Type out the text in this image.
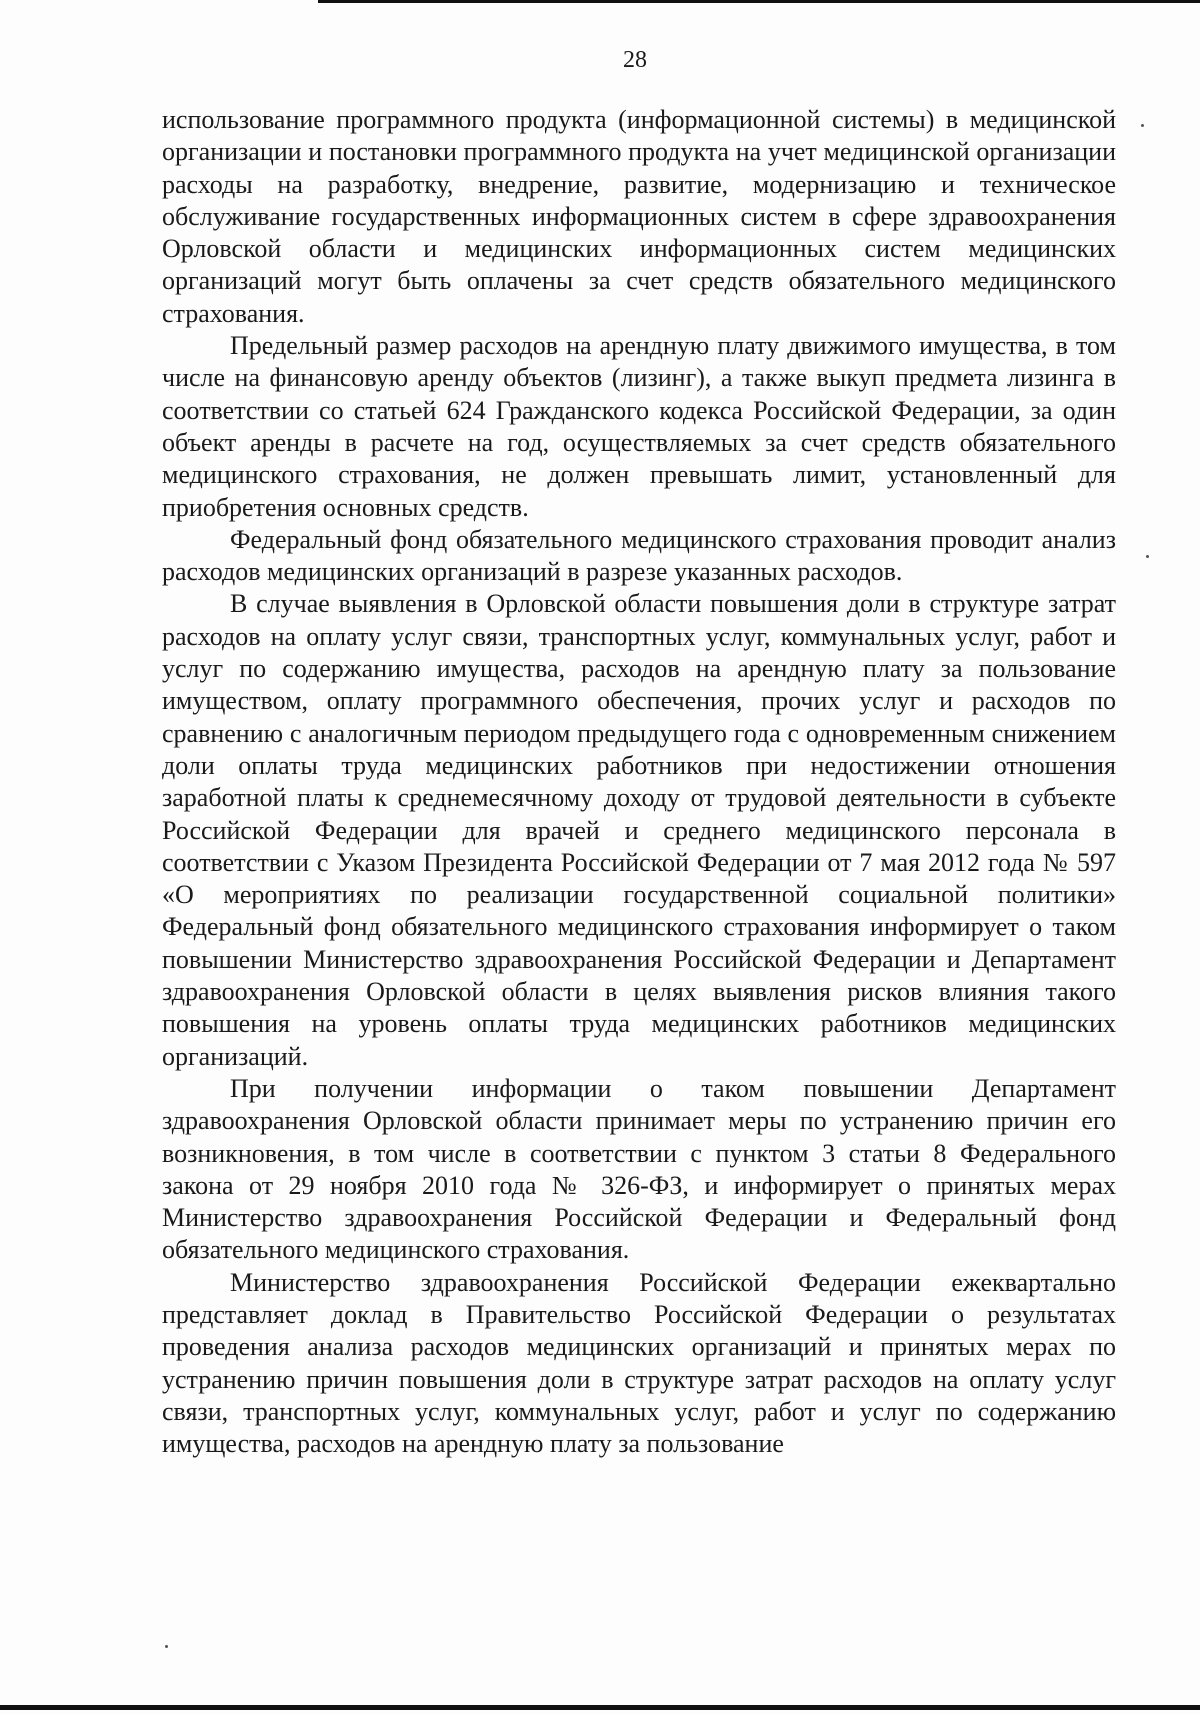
28

использование программного продукта (информационной системы) в медицинской организации и постановки программного продукта на учет медицинской организации расходы на разработку, внедрение, развитие, модернизацию и техническое обслуживание государственных информационных систем в сфере здравоохранения Орловской области и медицинских информационных систем медицинских организаций могут быть оплачены за счет средств обязательного медицинского страхования.

Предельный размер расходов на арендную плату движимого имущества, в том числе на финансовую аренду объектов (лизинг), а также выкуп предмета лизинга в соответствии со статьей 624 Гражданского кодекса Российской Федерации, за один объект аренды в расчете на год, осуществляемых за счет средств обязательного медицинского страхования, не должен превышать лимит, установленный для приобретения основных средств.

Федеральный фонд обязательного медицинского страхования проводит анализ расходов медицинских организаций в разрезе указанных расходов.

В случае выявления в Орловской области повышения доли в структуре затрат расходов на оплату услуг связи, транспортных услуг, коммунальных услуг, работ и услуг по содержанию имущества, расходов на арендную плату за пользование имуществом, оплату программного обеспечения, прочих услуг и расходов по сравнению с аналогичным периодом предыдущего года с одновременным снижением доли оплаты труда медицинских работников при недостижении отношения заработной платы к среднемесячному доходу от трудовой деятельности в субъекте Российской Федерации для врачей и среднего медицинского персонала в соответствии с Указом Президента Российской Федерации от 7 мая 2012 года № 597 «О мероприятиях по реализации государственной социальной политики» Федеральный фонд обязательного медицинского страхования информирует о таком повышении Министерство здравоохранения Российской Федерации и Департамент здравоохранения Орловской области в целях выявления рисков влияния такого повышения на уровень оплаты труда медицинских работников медицинских организаций.

При получении информации о таком повышении Департамент здравоохранения Орловской области принимает меры по устранению причин его возникновения, в том числе в соответствии с пунктом 3 статьи 8 Федерального закона от 29 ноября 2010 года № 326-ФЗ, и информирует о принятых мерах Министерство здравоохранения Российской Федерации и Федеральный фонд обязательного медицинского страхования.

Министерство здравоохранения Российской Федерации ежеквартально представляет доклад в Правительство Российской Федерации о результатах проведения анализа расходов медицинских организаций и принятых мерах по устранению причин повышения доли в структуре затрат расходов на оплату услуг связи, транспортных услуг, коммунальных услуг, работ и услуг по содержанию имущества, расходов на арендную плату за пользование
